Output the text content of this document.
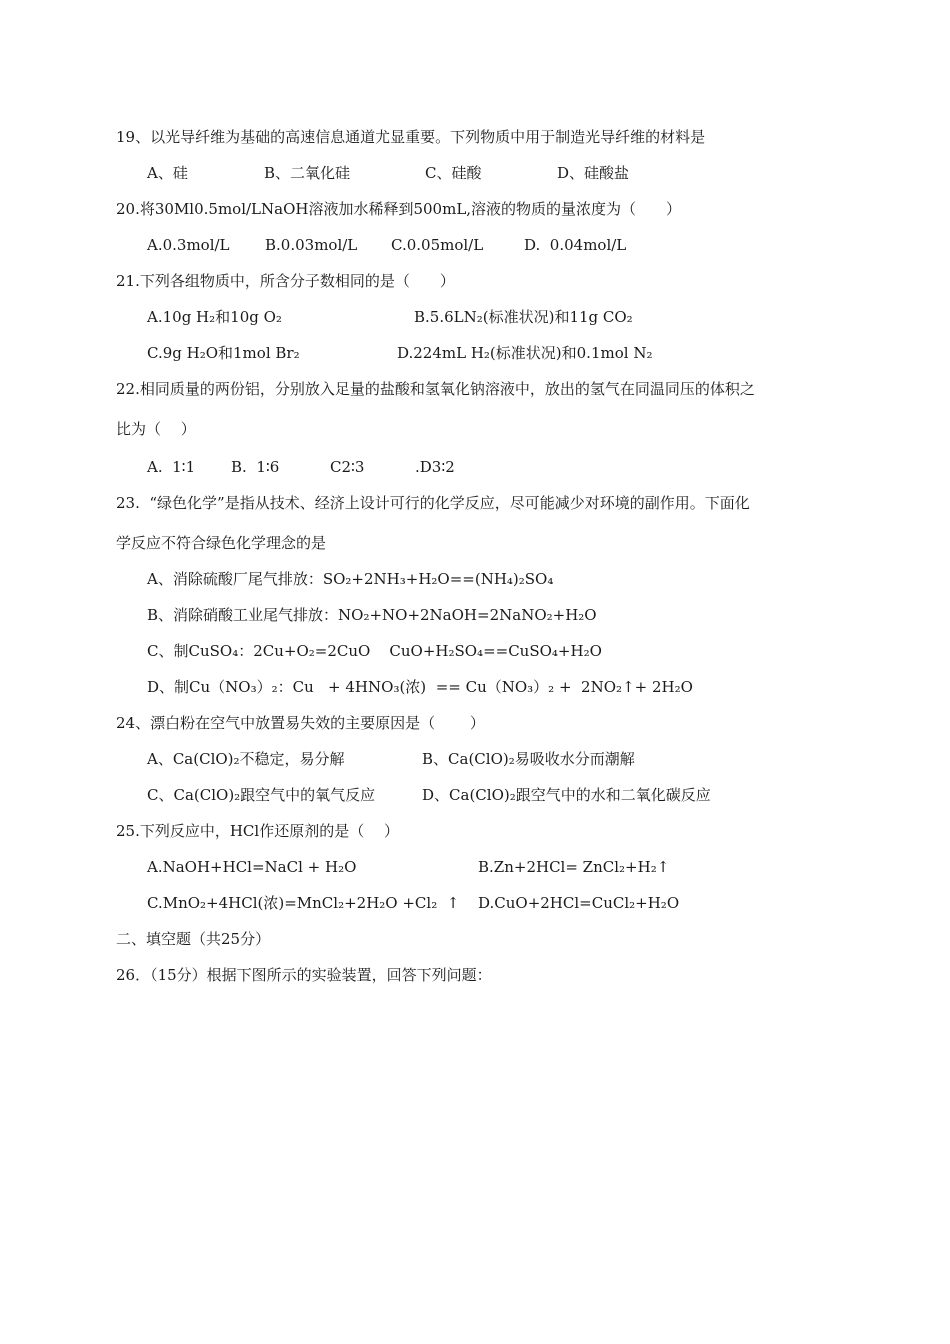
19、以光导纤维为基础的高速信息通道尤显重要。下列物质中用于制造光导纤维的材料是
A、硅	B、二氧化硅	C、硅酸	D、硅酸盐
20.将30Ml0.5mol/LNaOH溶液加水稀释到500mL,溶液的物质的量浓度为（　　）
A.0.3mol/L B.0.03mol/L C.0.05mol/L	D.  0.04mol/L
21.下列各组物质中，所含分子数相同的是（　　）
A.10g H₂和10g O₂	B.5.6LN₂(标准状况)和11g CO₂
C.9g H₂O和1mol Br₂	D.224mL H₂(标准状况)和0.1mol N₂
22.相同质量的两份铝，分别放入足量的盐酸和氢氧化钠溶液中，放出的氢气在同温同压的体积之
比为（　 ）
A.  1∶1 B.  1∶6	C2∶3	.D3∶2
23.  “绿色化学”是指从技术、经济上设计可行的化学反应，尽可能减少对环境的副作用。下面化
学反应不符合绿色化学理念的是
A、消除硫酸厂尾气排放：SO₂+2NH₃+H₂O==(NH₄)₂SO₄
B、消除硝酸工业尾气排放：NO₂+NO+2NaOH=2NaNO₂+H₂O
C、制CuSO₄：2Cu+O₂=2CuO    CuO+H₂SO₄==CuSO₄+H₂O
D、制Cu（NO₃）₂：Cu   + 4HNO₃(浓)  == Cu（NO₃）₂ +  2NO₂↑+ 2H₂O
24、漂白粉在空气中放置易失效的主要原因是（　　 ）
A、Ca(ClO)₂不稳定，易分解	B、Ca(ClO)₂易吸收水分而潮解
C、Ca(ClO)₂跟空气中的氧气反应	D、Ca(ClO)₂跟空气中的水和二氧化碳反应
25.下列反应中，HCl作还原剂的是（　 ）
A.NaOH+HCl=NaCl + H₂O	B.Zn+2HCl= ZnCl₂+H₂↑
C.MnO₂+4HCl(浓)=MnCl₂+2H₂O +Cl₂  ↑ D.CuO+2HCl=CuCl₂+H₂O
二、填空题（共25分）
26．（15分）根据下图所示的实验装置，回答下列问题：
